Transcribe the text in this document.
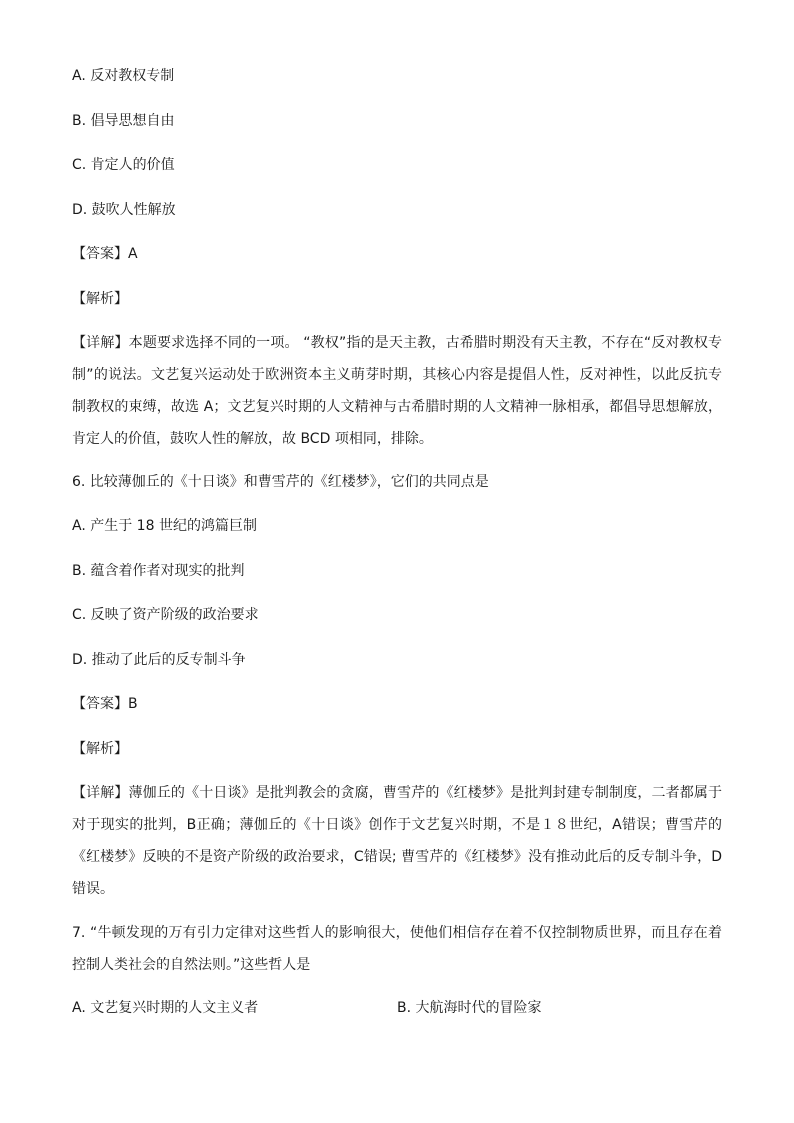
A. 反对教权专制
B. 倡导思想自由
C. 肯定人的价值
D. 鼓吹人性解放
【答案】A
【解析】
【详解】本题要求选择不同的一项。 “教权”指的是天主教，古希腊时期没有天主教，不存在“反对教权专制”的说法。文艺复兴运动处于欧洲资本主义萌芽时期，其核心内容是提倡人性，反对神性，以此反抗专制教权的束缚，故选 A；文艺复兴时期的人文精神与古希腊时期的人文精神一脉相承，都倡导思想解放，肯定人的价值，鼓吹人性的解放，故 BCD 项相同，排除。
6. 比较薄伽丘的《十日谈》和曹雪芹的《红楼梦》，它们的共同点是
A. 产生于 18 世纪的鸿篇巨制
B. 蕴含着作者对现实的批判
C. 反映了资产阶级的政治要求
D. 推动了此后的反专制斗争
【答案】B
【解析】
【详解】薄伽丘的《十日谈》是批判教会的贪腐，曹雪芹的《红楼梦》是批判封建专制制度，二者都属于对于现实的批判，B正确；薄伽丘的《十日谈》创作于文艺复兴时期，不是１８世纪，A错误；曹雪芹的《红楼梦》反映的不是资产阶级的政治要求，C错误; 曹雪芹的《红楼梦》没有推动此后的反专制斗争，D错误。
7. “牛顿发现的万有引力定律对这些哲人的影响很大，使他们相信存在着不仅控制物质世界，而且存在着控制人类社会的自然法则。”这些哲人是
A. 文艺复兴时期的人文主义者	B. 大航海时代的冒险家
